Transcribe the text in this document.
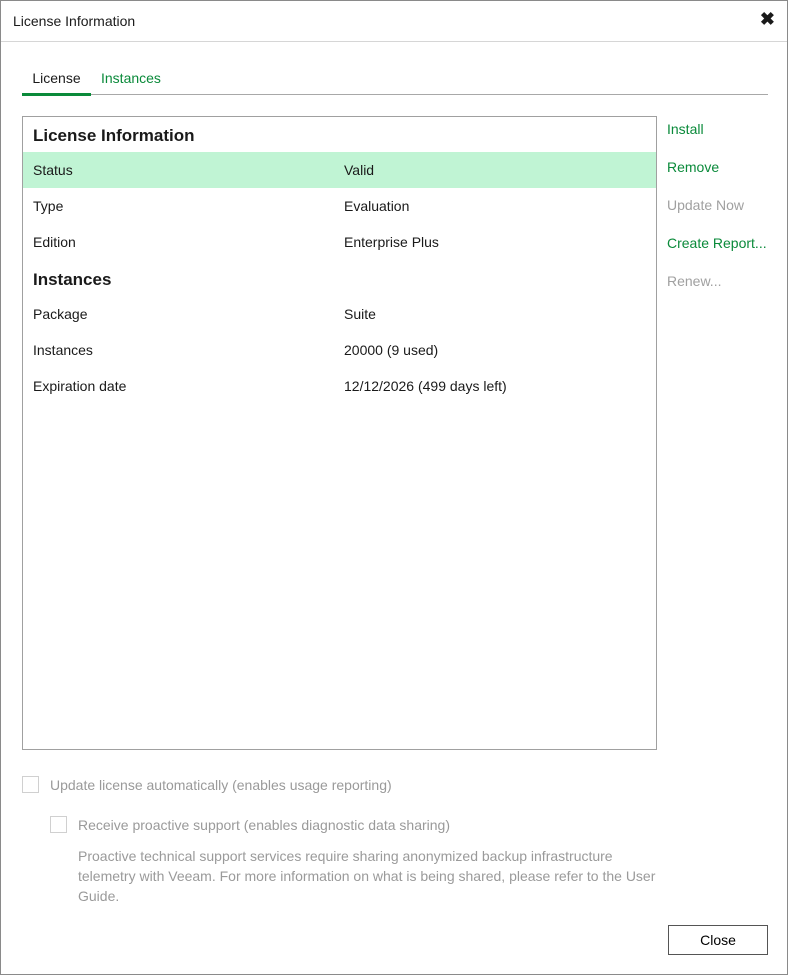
License Information	✖
License	Instances
License Information
Status	Valid
Type	Evaluation
Edition	Enterprise Plus
Instances
Package	Suite
Instances	20000 (9 used)
Expiration date	12/12/2026 (499 days left)
Install
Remove
Update Now
Create Report...
Renew...
Update license automatically (enables usage reporting)
Receive proactive support (enables diagnostic data sharing)
Proactive technical support services require sharing anonymized backup infrastructure telemetry with Veeam. For more information on what is being shared, please refer to the User Guide.
Close
